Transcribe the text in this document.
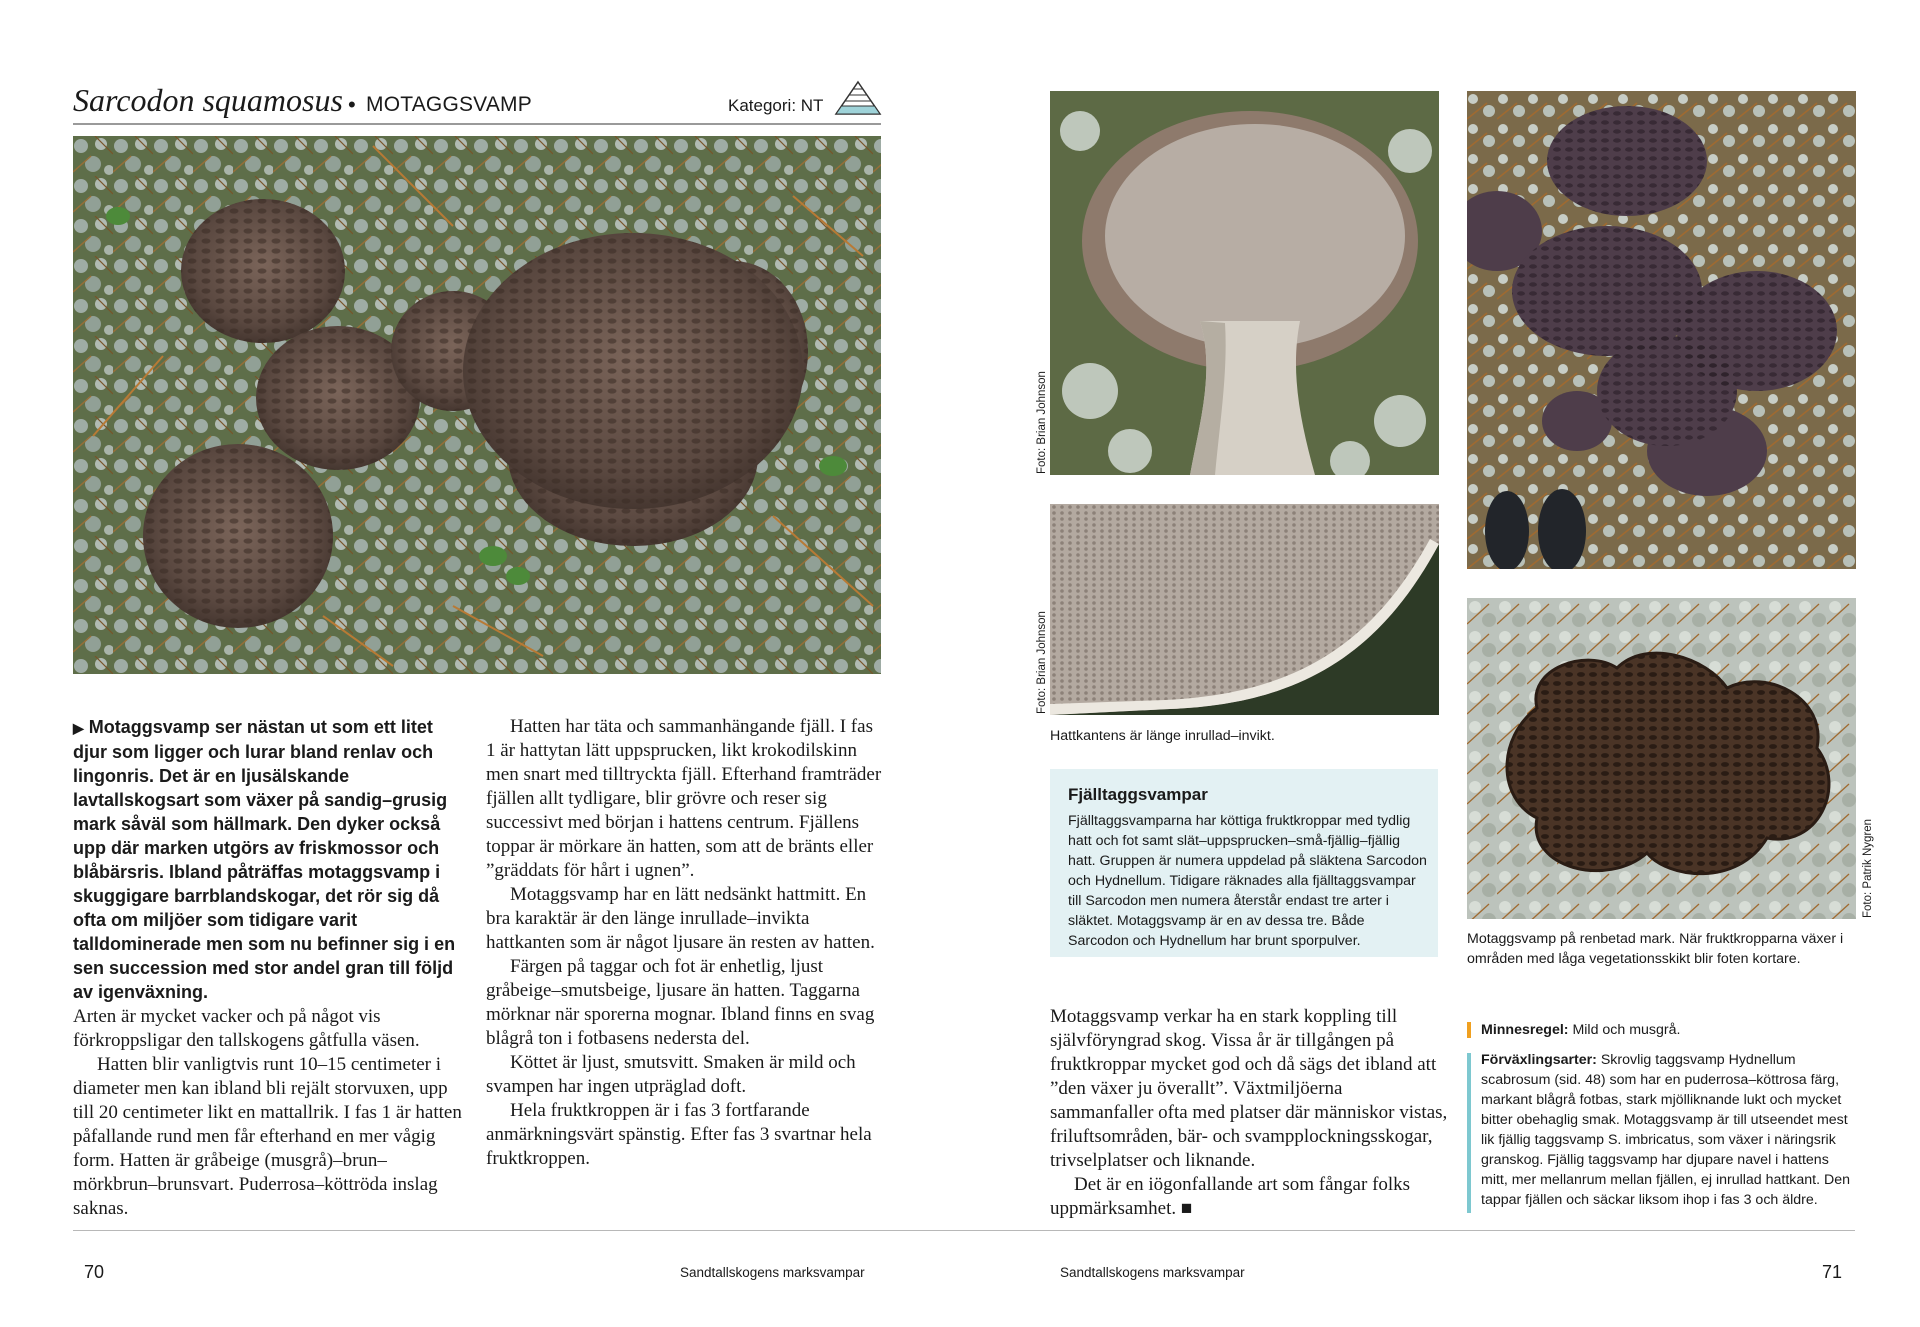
Sarcodon squamosus • MOTAGGSVAMP	Kategori: NT
▶ Motaggsvamp ser nästan ut som ett litet djur som ligger och lurar bland renlav och lingonris. Det är en ljusälskande lavtallskogsart som växer på sandig–grusig mark såväl som hällmark. Den dyker också upp där marken utgörs av friskmossor och blåbärsris. Ibland påträffas motaggsvamp i skuggigare barrblandskogar, det rör sig då ofta om miljöer som tidigare varit talldominerade men som nu befinner sig i en sen succession med stor andel gran till följd av igenväxning.

Arten är mycket vacker och på något vis förkroppsligar den tallskogens gåtfulla väsen.

Hatten blir vanligtvis runt 10–15 centimeter i diameter men kan ibland bli rejält storvuxen, upp till 20 centimeter likt en mattallrik. I fas 1 är hatten påfallande rund men får efterhand en mer vågig form. Hatten är gråbeige (musgrå)–brun–mörkbrun–brunsvart. Puderrosa–köttröda inslag saknas.

Hatten har täta och sammanhängande fjäll. I fas 1 är hattytan lätt uppsprucken, likt krokodilskinn men snart med tilltryckta fjäll. Efterhand framträder fjällen allt tydligare, blir grövre och reser sig successivt med början i hattens centrum. Fjällens toppar är mörkare än hatten, som att de bränts eller ”gräddats för hårt i ugnen”.

Motaggsvamp har en lätt nedsänkt hattmitt. En bra karaktär är den länge inrullade–invikta hattkanten som är något ljusare än resten av hatten.

Färgen på taggar och fot är enhetlig, ljust gråbeige–smutsbeige, ljusare än hatten. Taggarna mörknar när sporerna mognar. Ibland finns en svag blågrå ton i fotbasens nedersta del.

Köttet är ljust, smutsvitt. Smaken är mild och svampen har ingen utpräglad doft.

Hela fruktkroppen är i fas 3 fortfarande anmärkningsvärt spänstig. Efter fas 3 svartnar hela fruktkroppen.

Foto: Brian Johnson
Foto: Brian Johnson
Hattkantens är länge inrullad–invikt.
Foto: Patrik Nygren
Motaggsvamp på renbetad mark. När fruktkropparna växer i områden med låga vegetationsskikt blir foten kortare.
Fjälltaggsvampar
Fjälltaggsvamparna har köttiga fruktkroppar med tydlig hatt och fot samt slät–uppsprucken–små-fjällig–fjällig hatt. Gruppen är numera uppdelad på släktena Sarcodon och Hydnellum. Tidigare räknades alla fjälltaggsvampar till Sarcodon men numera återstår endast tre arter i släktet. Motaggsvamp är en av dessa tre. Både Sarcodon och Hydnellum har brunt sporpulver.

Motaggsvamp verkar ha en stark koppling till självföryngrad skog. Vissa år är tillgången på fruktkroppar mycket god och då sägs det ibland att ”den växer ju överallt”. Växtmiljöerna sammanfaller ofta med platser där människor vistas, friluftsområden, bär- och svampplockningsskogar, trivselplatser och liknande.

Det är en iögonfallande art som fångar folks uppmärksamhet. ■

Minnesregel: Mild och musgrå.
Förväxlingsarter: Skrovlig taggsvamp Hydnellum scabrosum (sid. 48) som har en puderrosa–köttrosa färg, markant blågrå fotbas, stark mjölliknande lukt och mycket bitter obehaglig smak. Motaggsvamp är till utseendet mest lik fjällig taggsvamp S. imbricatus, som växer i näringsrik granskog. Fjällig taggsvamp har djupare navel i hattens mitt, mer mellanrum mellan fjällen, ej inrullad hattkant. Den tappar fjällen och säckar liksom ihop i fas 3 och äldre.
70	Sandtallskogens marksvampar	Sandtallskogens marksvampar	71
